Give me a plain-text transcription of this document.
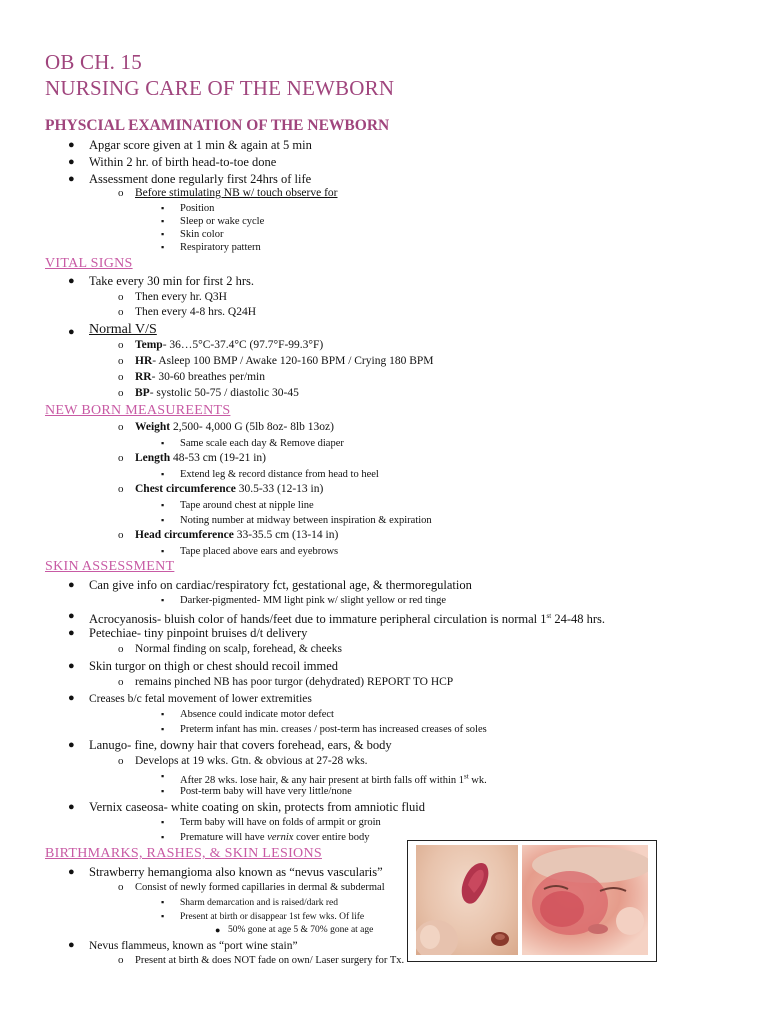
OB CH. 15
NURSING CARE OF THE NEWBORN
PHYSCIAL EXAMINATION OF THE NEWBORN
● Apgar score given at 1 min & again at 5 min
● Within 2 hr. of birth head-to-toe done
● Assessment done regularly first 24hrs of life
o Before stimulating NB w/ touch observe for
▪ Position
▪ Sleep or wake cycle
▪ Skin color
▪ Respiratory pattern
VITAL SIGNS
● Take every 30 min for first 2 hrs.
o Then every hr. Q3H
o Then every 4-8 hrs. Q24H
● Normal V/S
o Temp- 36…5°C-37.4°C (97.7°F-99.3°F)
o HR- Asleep 100 BMP / Awake 120-160 BPM / Crying 180 BPM
o RR- 30-60 breathes per/min
o BP- systolic 50-75 / diastolic 30-45
NEW BORN MEASUREENTS
o Weight 2,500- 4,000 G (5lb 8oz- 8lb 13oz)
▪ Same scale each day & Remove diaper
o Length 48-53 cm (19-21 in)
▪ Extend leg & record distance from head to heel
o Chest circumference 30.5-33 (12-13 in)
▪ Tape around chest at nipple line
▪ Noting number at midway between inspiration & expiration
o Head circumference 33-35.5 cm (13-14 in)
▪ Tape placed above ears and eyebrows
SKIN ASSESSMENT
● Can give info on cardiac/respiratory fct, gestational age, & thermoregulation
▪ Darker-pigmented- MM light pink w/ slight yellow or red tinge
● Acrocyanosis- bluish color of hands/feet due to immature peripheral circulation is normal 1st 24-48 hrs.
● Petechiae- tiny pinpoint bruises d/t delivery
o Normal finding on scalp, forehead, & cheeks
● Skin turgor on thigh or chest should recoil immed
o remains pinched NB has poor turgor (dehydrated) REPORT TO HCP
● Creases b/c fetal movement of lower extremities
▪ Absence could indicate motor defect
▪ Preterm infant has min. creases / post-term has increased creases of soles
● Lanugo- fine, downy hair that covers forehead, ears, & body
o Develops at 19 wks. Gtn. & obvious at 27-28 wks.
▪ After 28 wks. lose hair, & any hair present at birth falls off within 1st wk.
▪ Post-term baby will have very little/none
● Vernix caseosa- white coating on skin, protects from amniotic fluid
▪ Term baby will have on folds of armpit or groin
▪ Premature will have vernix cover entire body
BIRTHMARKS, RASHES, & SKIN LESIONS
● Strawberry hemangioma also known as “nevus vascularis”
o Consist of newly formed capillaries in dermal & subdermal
▪ Sharm demarcation and is raised/dark red
▪ Present at birth or disappear 1st few wks. Of life
● 50% gone at age 5 & 70% gone at age
● Nevus flammeus, known as “port wine stain”
o Present at birth & does NOT fade on own/ Laser surgery for Tx.
